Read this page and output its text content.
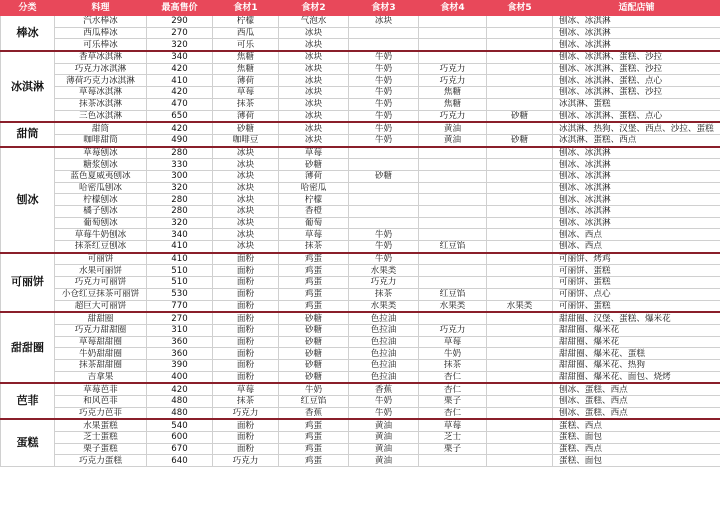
分类	料理	最高售价	食材1	食材2	食材3	食材4	食材5	适配店铺
棒冰	汽水棒冰	290	柠檬	气泡水	冰块			刨冰、冰淇淋
	西瓜棒冰	270	西瓜	冰块				刨冰、冰淇淋
	可乐棒冰	320	可乐	冰块				刨冰、冰淇淋
冰淇淋	香草冰淇淋	340	焦糖	冰块	牛奶			刨冰、冰淇淋、蛋糕、沙拉
	巧克力冰淇淋	420	焦糖	冰块	牛奶	巧克力		刨冰、冰淇淋、蛋糕、沙拉
	薄荷巧克力冰淇淋	410	薄荷	冰块	牛奶	巧克力		刨冰、冰淇淋、蛋糕、点心
	草莓冰淇淋	420	草莓	冰块	牛奶	焦糖		刨冰、冰淇淋、蛋糕、沙拉
	抹茶冰淇淋	470	抹茶	冰块	牛奶	焦糖		冰淇淋、蛋糕
	三色冰淇淋	650	薄荷	冰块	牛奶	巧克力	砂糖	刨冰、冰淇淋、蛋糕、点心
甜筒	甜筒	420	砂糖	冰块	牛奶	黄油		冰淇淋、热狗、汉堡、西点、沙拉、蛋糕
	咖啡甜筒	490	咖啡豆	冰块	牛奶	黄油	砂糖	冰淇淋、蛋糕、西点
刨冰	草莓刨冰	280	冰块	草莓				刨冰、冰淇淋
	糖浆刨冰	330	冰块	砂糖				刨冰、冰淇淋
	蓝色夏威夷刨冰	300	冰块	薄荷	砂糖			刨冰、冰淇淋
	哈密瓜刨冰	320	冰块	哈密瓜				刨冰、冰淇淋
	柠檬刨冰	280	冰块	柠檬				刨冰、冰淇淋
	橘子刨冰	280	冰块	香橙				刨冰、冰淇淋
	葡萄刨冰	320	冰块	葡萄				刨冰、冰淇淋
	草莓牛奶刨冰	340	冰块	草莓	牛奶			刨冰、西点
	抹茶红豆刨冰	410	冰块	抹茶	牛奶	红豆馅		刨冰、西点
可丽饼	可丽饼	410	面粉	鸡蛋	牛奶			可丽饼、烤鸡
	水果可丽饼	510	面粉	鸡蛋	水果类			可丽饼、蛋糕
	巧克力可丽饼	510	面粉	鸡蛋	巧克力			可丽饼、蛋糕
	小仓红豆抹茶可丽饼	530	面粉	鸡蛋	抹茶	红豆馅		可丽饼、点心
	超巨大可丽饼	770	面粉	鸡蛋	水果类	水果类	水果类	可丽饼、蛋糕
甜甜圈	甜甜圈	270	面粉	砂糖	色拉油			甜甜圈、汉堡、蛋糕、爆米花
	巧克力甜甜圈	310	面粉	砂糖	色拉油	巧克力		甜甜圈、爆米花
	草莓甜甜圈	360	面粉	砂糖	色拉油	草莓		甜甜圈、爆米花
	牛奶甜甜圈	360	面粉	砂糖	色拉油	牛奶		甜甜圈、爆米花、蛋糕
	抹茶甜甜圈	390	面粉	砂糖	色拉油	抹茶		甜甜圈、爆米花、热狗
	吉拿果	400	面粉	砂糖	色拉油	杏仁		甜甜圈、爆米花、面包、烧烤
芭菲	草莓芭菲	420	草莓	牛奶	香蕉	杏仁		刨冰、蛋糕、西点
	和风芭菲	480	抹茶	红豆馅	牛奶	栗子		刨冰、蛋糕、西点
	巧克力芭菲	480	巧克力	香蕉	牛奶	杏仁		刨冰、蛋糕、西点
蛋糕	水果蛋糕	540	面粉	鸡蛋	黄油	草莓		蛋糕、西点
	芝士蛋糕	600	面粉	鸡蛋	黄油	芝士		蛋糕、面包
	栗子蛋糕	670	面粉	鸡蛋	黄油	栗子		蛋糕、西点
	巧克力蛋糕	640	巧克力	鸡蛋	黄油			蛋糕、面包
